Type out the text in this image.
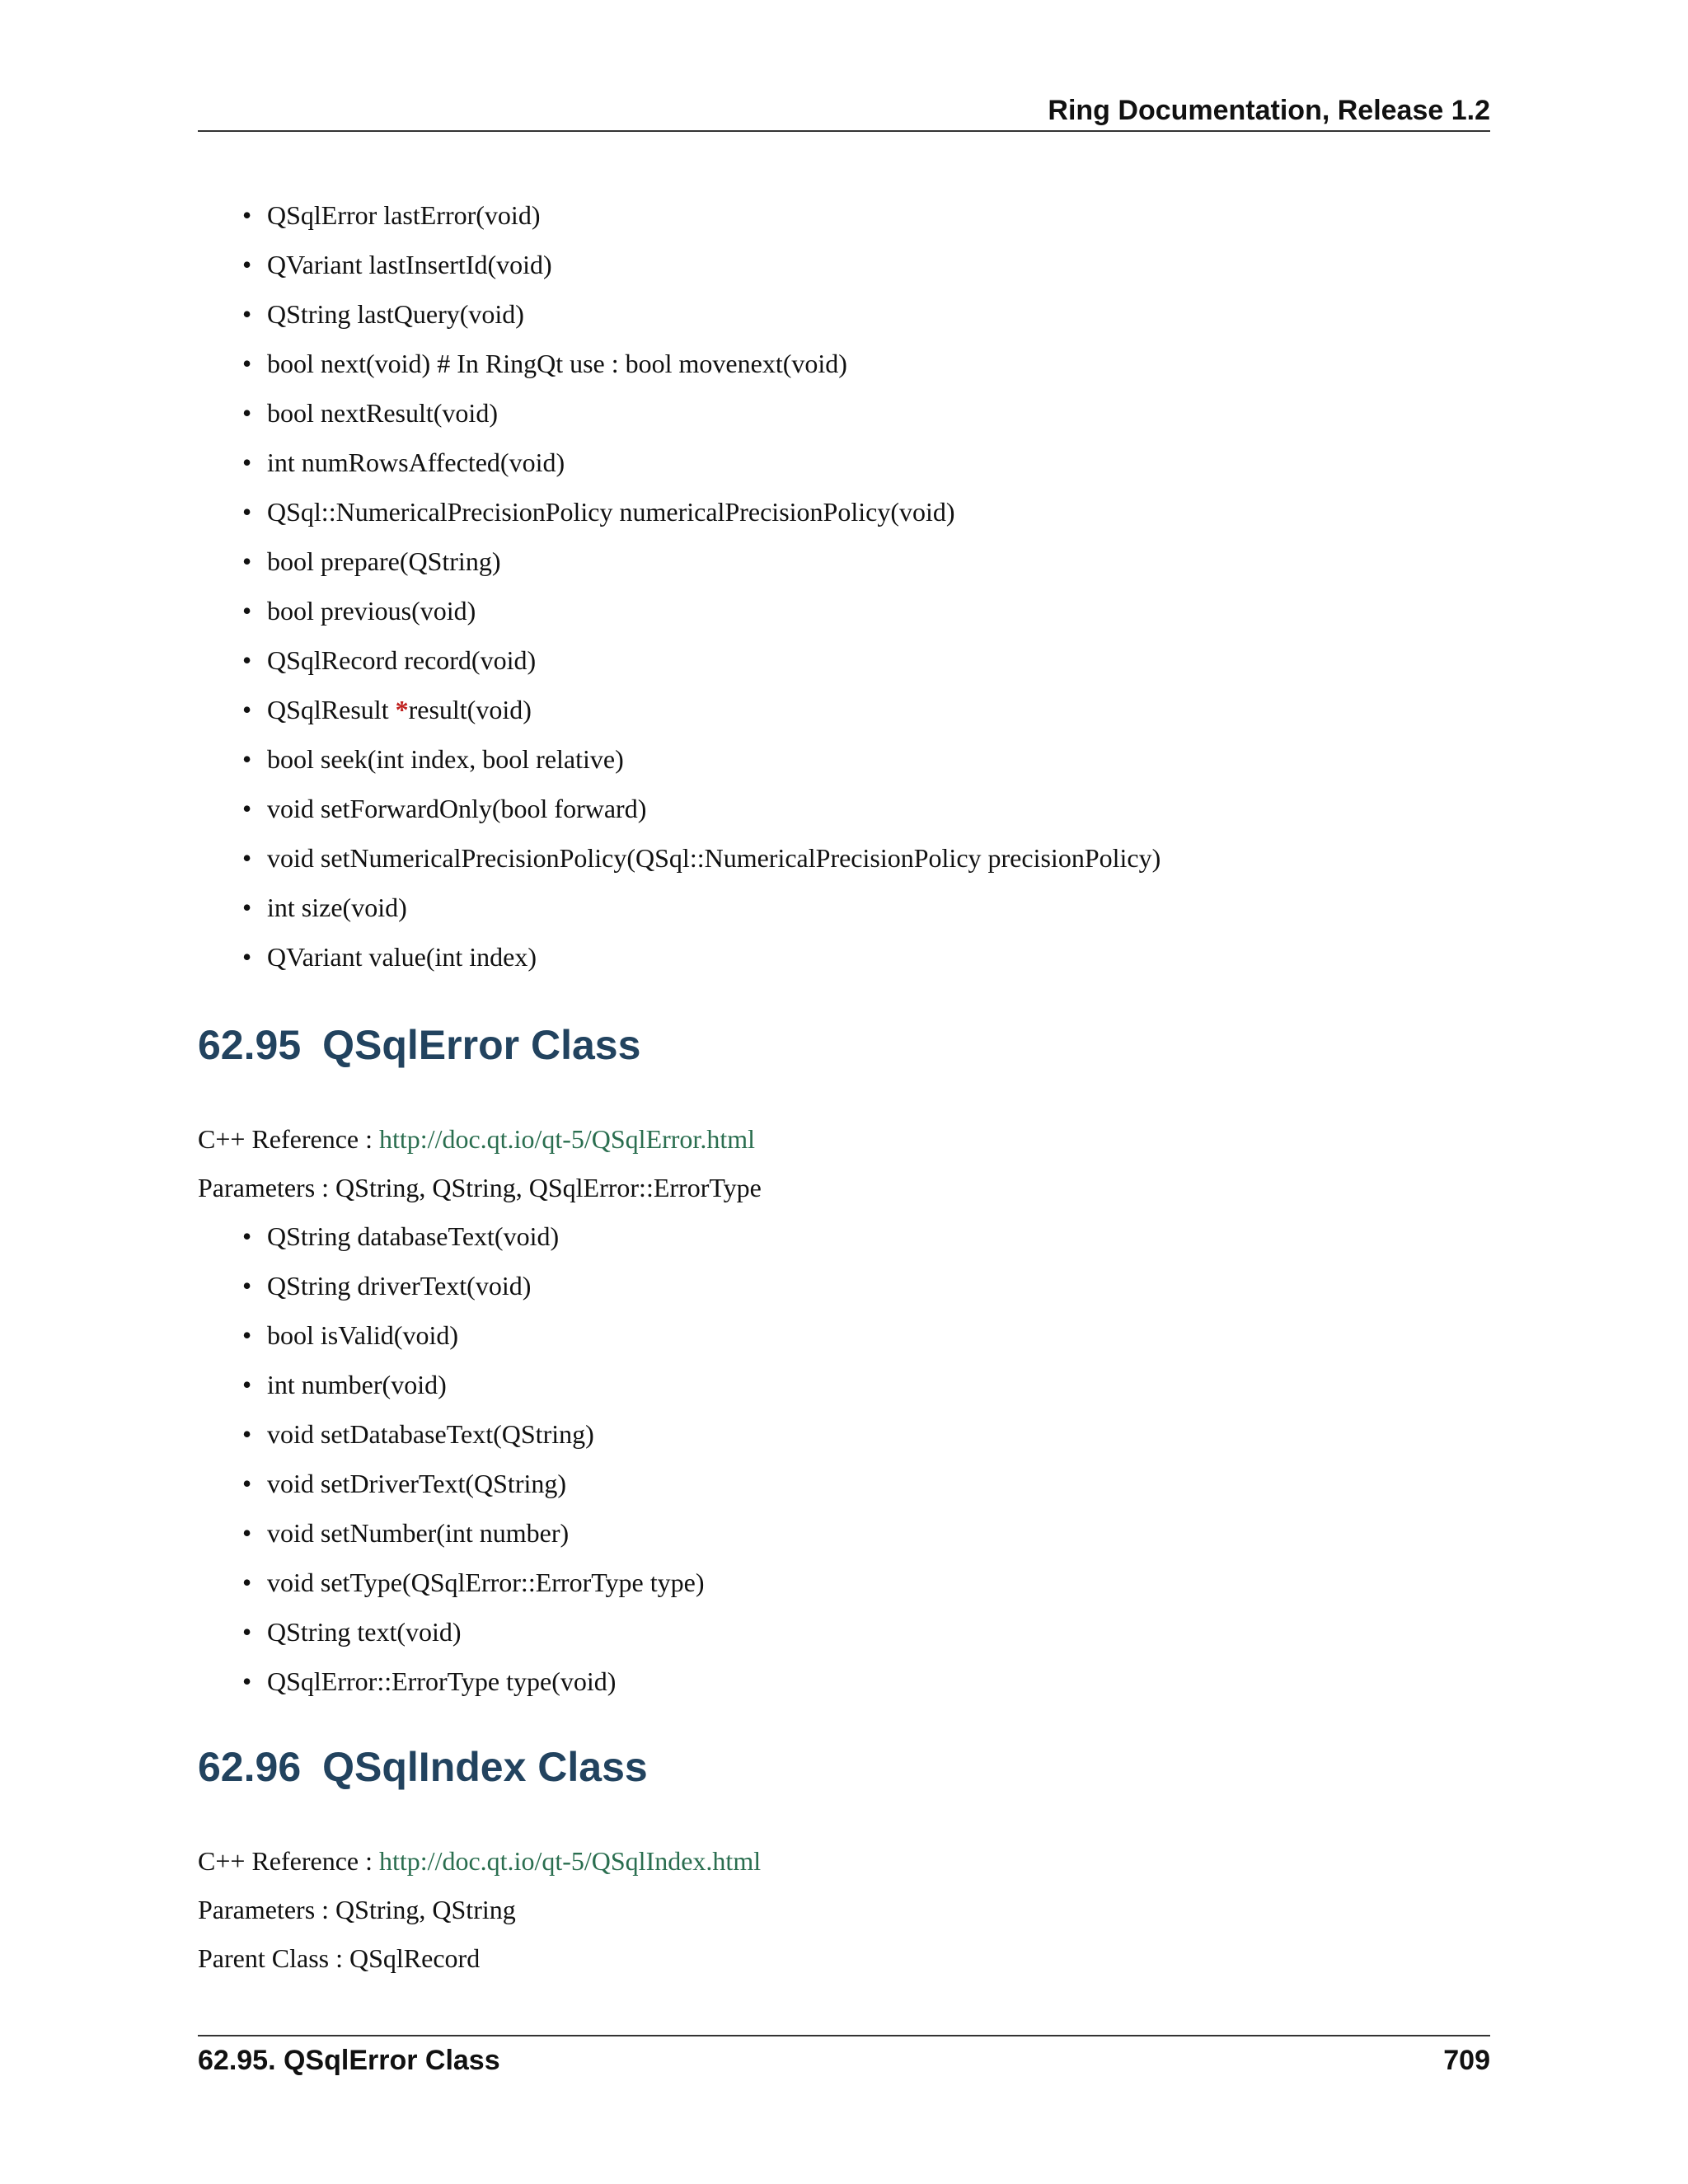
Ring Documentation, Release 1.2
• QSqlError lastError(void)
• QVariant lastInsertId(void)
• QString lastQuery(void)
• bool next(void) # In RingQt use : bool movenext(void)
• bool nextResult(void)
• int numRowsAffected(void)
• QSql::NumericalPrecisionPolicy numericalPrecisionPolicy(void)
• bool prepare(QString)
• bool previous(void)
• QSqlRecord record(void)
• QSqlResult *result(void)
• bool seek(int index, bool relative)
• void setForwardOnly(bool forward)
• void setNumericalPrecisionPolicy(QSql::NumericalPrecisionPolicy precisionPolicy)
• int size(void)
• QVariant value(int index)
62.95 QSqlError Class

C++ Reference : http://doc.qt.io/qt-5/QSqlError.html

Parameters : QString, QString, QSqlError::ErrorType

• QString databaseText(void)
• QString driverText(void)
• bool isValid(void)
• int number(void)
• void setDatabaseText(QString)
• void setDriverText(QString)
• void setNumber(int number)
• void setType(QSqlError::ErrorType type)
• QString text(void)
• QSqlError::ErrorType type(void)
62.96 QSqlIndex Class

C++ Reference : http://doc.qt.io/qt-5/QSqlIndex.html

Parameters : QString, QString

Parent Class : QSqlRecord

62.95. QSqlError Class	709
